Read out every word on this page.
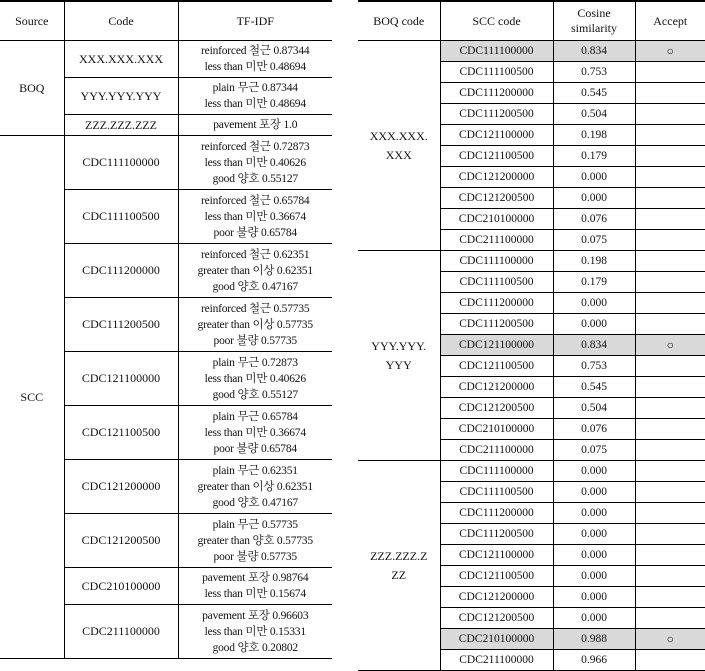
Source	Code	TF-IDF
BOQ	XXX.XXX.XXX	reinforced 철근 0.87344
less than 미만 0.48694

	YYY.YYY.YYY	plain 무근 0.87344
less than 미만 0.48694

	ZZZ.ZZZ.ZZZ	pavement 포장 1.0

SCC	CDC111100000	reinforced 철근 0.72873
less than 미만 0.40626
good 양호 0.55127

	CDC111100500	reinforced 철근 0.65784
less than 미만 0.36674
poor 불량 0.65784

	CDC111200000	reinforced 철근 0.62351
greater than 이상 0.62351
good 양호 0.47167

	CDC111200500	reinforced 철근 0.57735
greater than 이상 0.57735
poor 불량 0.57735

	CDC121100000	plain 무근 0.72873
less than 미만 0.40626
good 양호 0.55127

	CDC121100500	plain 무근 0.65784
less than 미만 0.36674
poor 불량 0.65784

	CDC121200000	plain 무근 0.62351
greater than 이상 0.62351
good 양호 0.47167

	CDC121200500	plain 무근 0.57735
greater than 양호 0.57735
poor 불량 0.57735

	CDC210100000	pavement 포장 0.98764
less than 미만 0.15674

	CDC211100000	pavement 포장 0.96603
less than 미만 0.15331
good 양호 0.20802
BOQ code	SCC code	Cosine similarity	Accept

XXX.XXX.XXX	CDC111100000	0.834	○
	CDC111100500	0.753	
	CDC111200000	0.545	
	CDC111200500	0.504	
	CDC121100000	0.198	
	CDC121100500	0.179	
	CDC121200000	0.000	
	CDC121200500	0.000	
	CDC210100000	0.076	
	CDC211100000	0.075	

YYY.YYY.YYY	CDC111100000	0.198	
	CDC111100500	0.179	
	CDC111200000	0.000	
	CDC111200500	0.000	
	CDC121100000	0.834	○
	CDC121100500	0.753	
	CDC121200000	0.545	
	CDC121200500	0.504	
	CDC210100000	0.076	
	CDC211100000	0.075	

ZZZ.ZZZ.ZZZ	CDC111100000	0.000	
	CDC111100500	0.000	
	CDC111200000	0.000	
	CDC111200500	0.000	
	CDC121100000	0.000	
	CDC121100500	0.000	
	CDC121200000	0.000	
	CDC121200500	0.000	
	CDC210100000	0.988	○
	CDC211100000	0.966	
